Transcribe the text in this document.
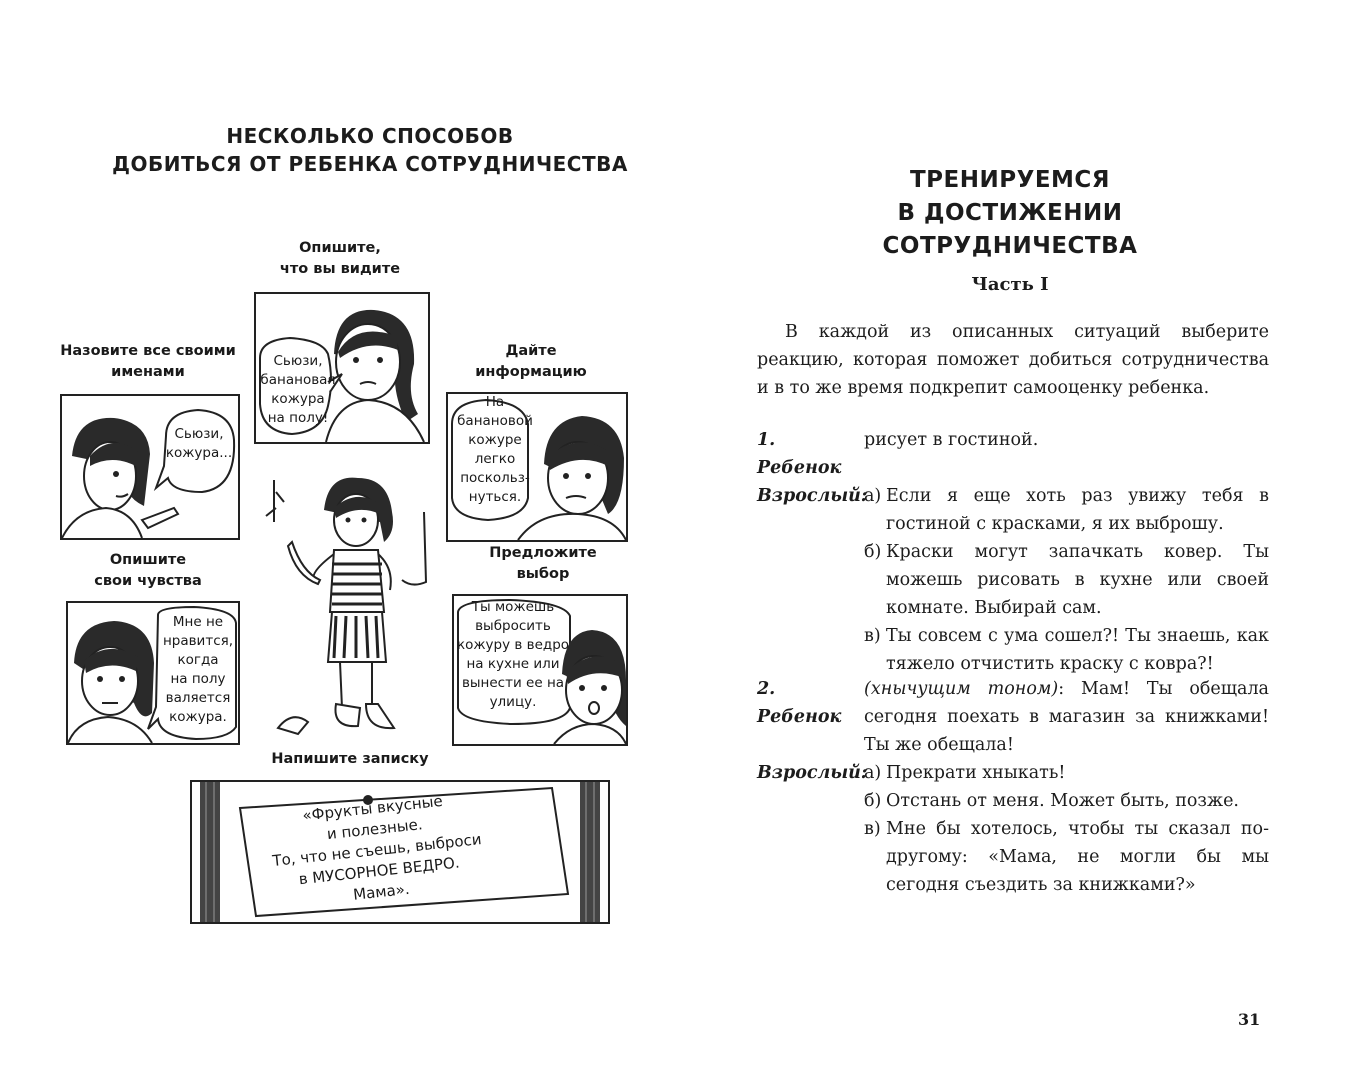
НЕСКОЛЬКО СПОСОБОВ
ДОБИТЬСЯ ОТ РЕБЕНКА СОТРУДНИЧЕСТВА
Опишите,
что вы видите
Сьюзи,
банановая
кожура
на полу!
Назовите все своими
именами
Сьюзи,
кожура...
Дайте
информацию
На
банановой
кожуре
легко
поскольз-
нуться.
Опишите
свои чувства
Мне не
нравится,
когда
на полу
валяется
кожура.
Предложите
выбор
Ты можешь
выбросить
кожуру в ведро
на кухне или
вынести ее на
улицу.
Напишите записку
«Фрукты вкусные
и полезные.
То, что не съешь, выброси
в МУСОРНОЕ ВЕДРО.
Мама».
ТРЕНИРУЕМСЯ
В ДОСТИЖЕНИИ СОТРУДНИЧЕСТВА
Часть I
В каждой из описанных ситуаций выберите реакцию, которая поможет добиться сотрудничества и в то же время подкрепит самооценку ребенка.
1. Ребенок
рисует в гостиной.
Взрослый:
а) Если я еще хоть раз увижу тебя в гостиной с красками, я их выброшу.
б) Краски могут запачкать ковер. Ты можешь рисовать в кухне или своей комнате. Выбирай сам.
в) Ты совсем с ума сошел?! Ты знаешь, как тяжело отчистить краску с ковра?!
2. Ребенок
(хнычущим тоном): Мам! Ты обещала сегодня поехать в магазин за книжками! Ты же обещала!
Взрослый:
а) Прекрати хныкать!
б) Отстань от меня. Может быть, позже.
в) Мне бы хотелось, чтобы ты сказал по-другому: «Мама, не могли бы мы сегодня съездить за книжками?»
31
